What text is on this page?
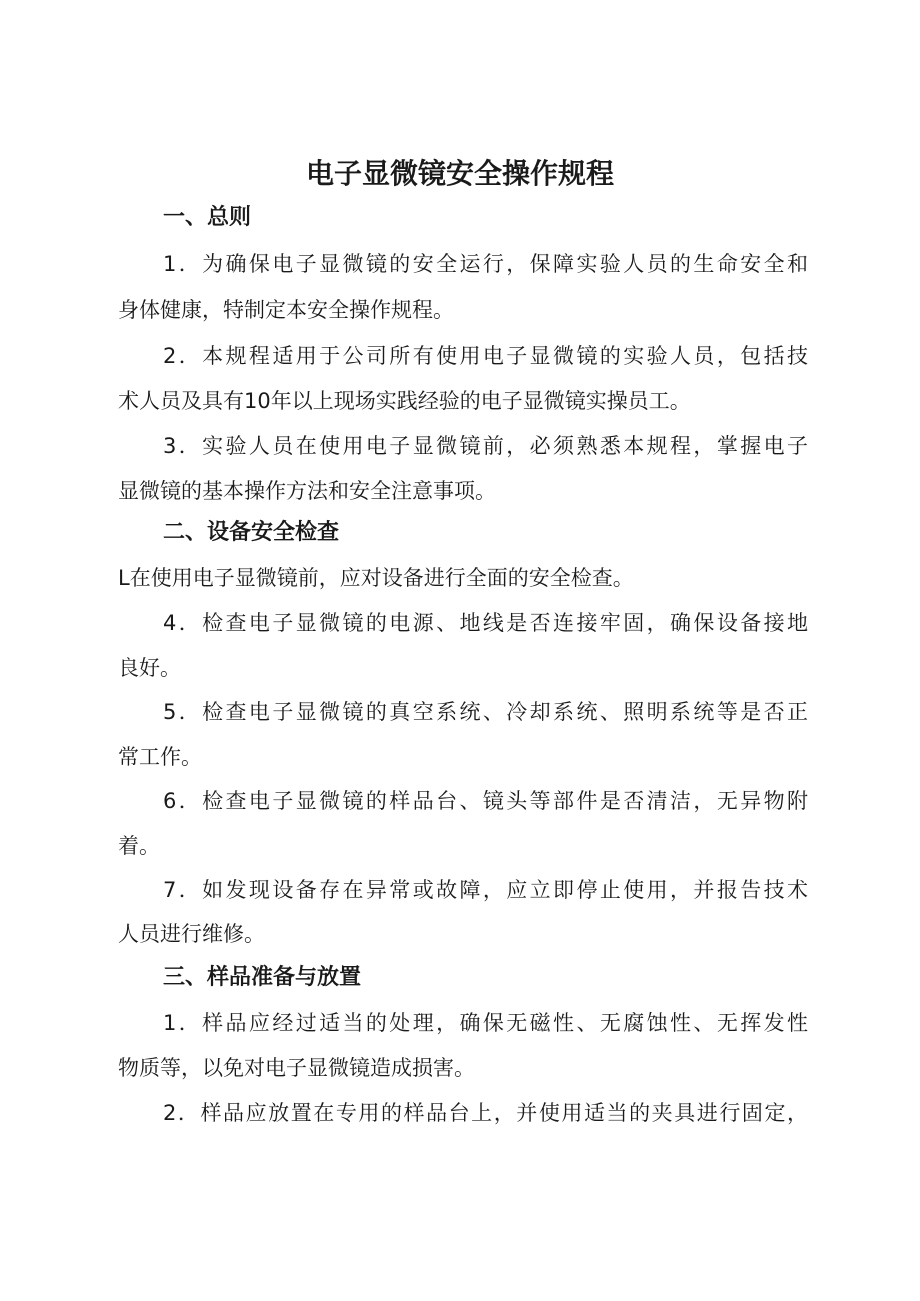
电子显微镜安全操作规程
一、总则
1．为确保电子显微镜的安全运行，保障实验人员的生命安全和
身体健康，特制定本安全操作规程。
2．本规程适用于公司所有使用电子显微镜的实验人员，包括技
术人员及具有10年以上现场实践经验的电子显微镜实操员工。
3．实验人员在使用电子显微镜前，必须熟悉本规程，掌握电子
显微镜的基本操作方法和安全注意事项。
二、设备安全检查
L在使用电子显微镜前，应对设备进行全面的安全检查。
4．检查电子显微镜的电源、地线是否连接牢固，确保设备接地
良好。
5．检查电子显微镜的真空系统、冷却系统、照明系统等是否正
常工作。
6．检查电子显微镜的样品台、镜头等部件是否清洁，无异物附
着。
7．如发现设备存在异常或故障，应立即停止使用，并报告技术
人员进行维修。
三、样品准备与放置
1．样品应经过适当的处理，确保无磁性、无腐蚀性、无挥发性
物质等，以免对电子显微镜造成损害。
2．样品应放置在专用的样品台上，并使用适当的夹具进行固定，
